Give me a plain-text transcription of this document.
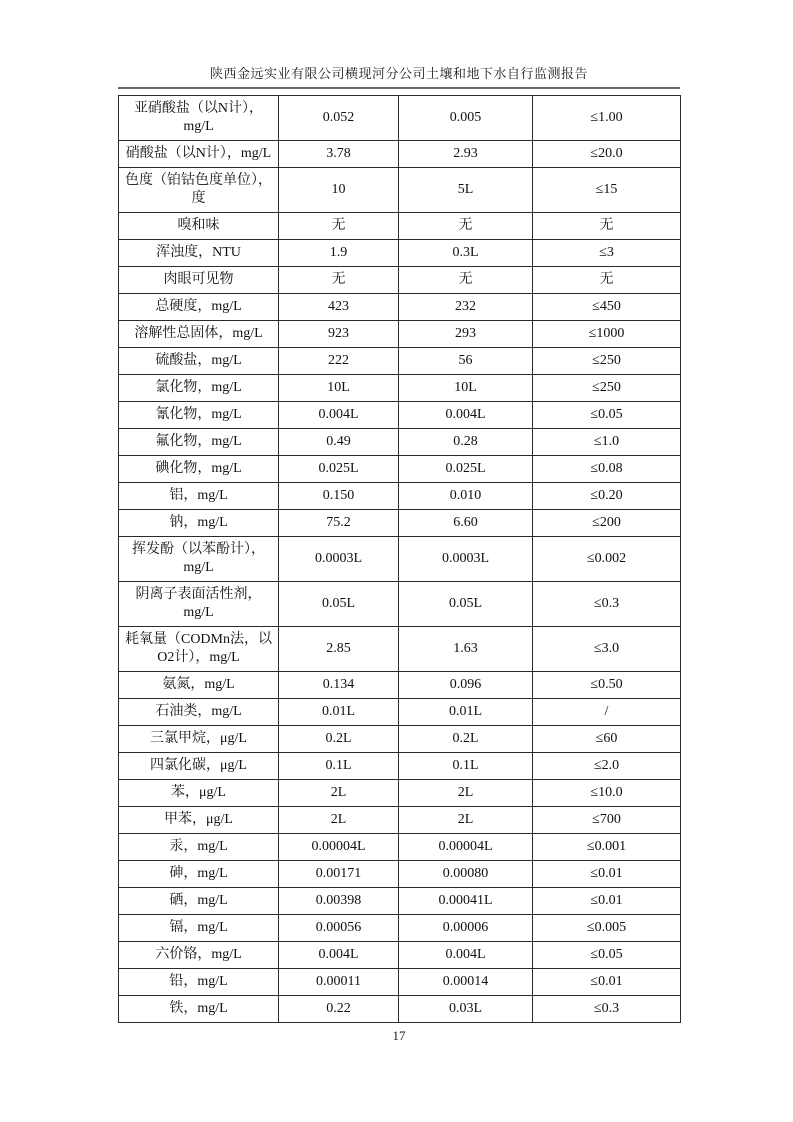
陕西金远实业有限公司横现河分公司土壤和地下水自行监测报告
亚硝酸盐（以N计），mg/L	0.052	0.005	≤1.00
硝酸盐（以N计），mg/L	3.78	2.93	≤20.0
色度（铂钴色度单位），度	10	5L	≤15
嗅和味	无	无	无
浑浊度，NTU	1.9	0.3L	≤3
肉眼可见物	无	无	无
总硬度，mg/L	423	232	≤450
溶解性总固体，mg/L	923	293	≤1000
硫酸盐，mg/L	222	56	≤250
氯化物，mg/L	10L	10L	≤250
氰化物，mg/L	0.004L	0.004L	≤0.05
氟化物，mg/L	0.49	0.28	≤1.0
碘化物，mg/L	0.025L	0.025L	≤0.08
铝，mg/L	0.150	0.010	≤0.20
钠，mg/L	75.2	6.60	≤200
挥发酚（以苯酚计），mg/L	0.0003L	0.0003L	≤0.002
阴离子表面活性剂，mg/L	0.05L	0.05L	≤0.3
耗氧量（CODMn法，以O2计），mg/L	2.85	1.63	≤3.0
氨氮，mg/L	0.134	0.096	≤0.50
石油类，mg/L	0.01L	0.01L	/
三氯甲烷，μg/L	0.2L	0.2L	≤60
四氯化碳，μg/L	0.1L	0.1L	≤2.0
苯，μg/L	2L	2L	≤10.0
甲苯，μg/L	2L	2L	≤700
汞，mg/L	0.00004L	0.00004L	≤0.001
砷，mg/L	0.00171	0.00080	≤0.01
硒，mg/L	0.00398	0.00041L	≤0.01
镉，mg/L	0.00056	0.00006	≤0.005
六价铬，mg/L	0.004L	0.004L	≤0.05
铅，mg/L	0.00011	0.00014	≤0.01
铁，mg/L	0.22	0.03L	≤0.3
17
